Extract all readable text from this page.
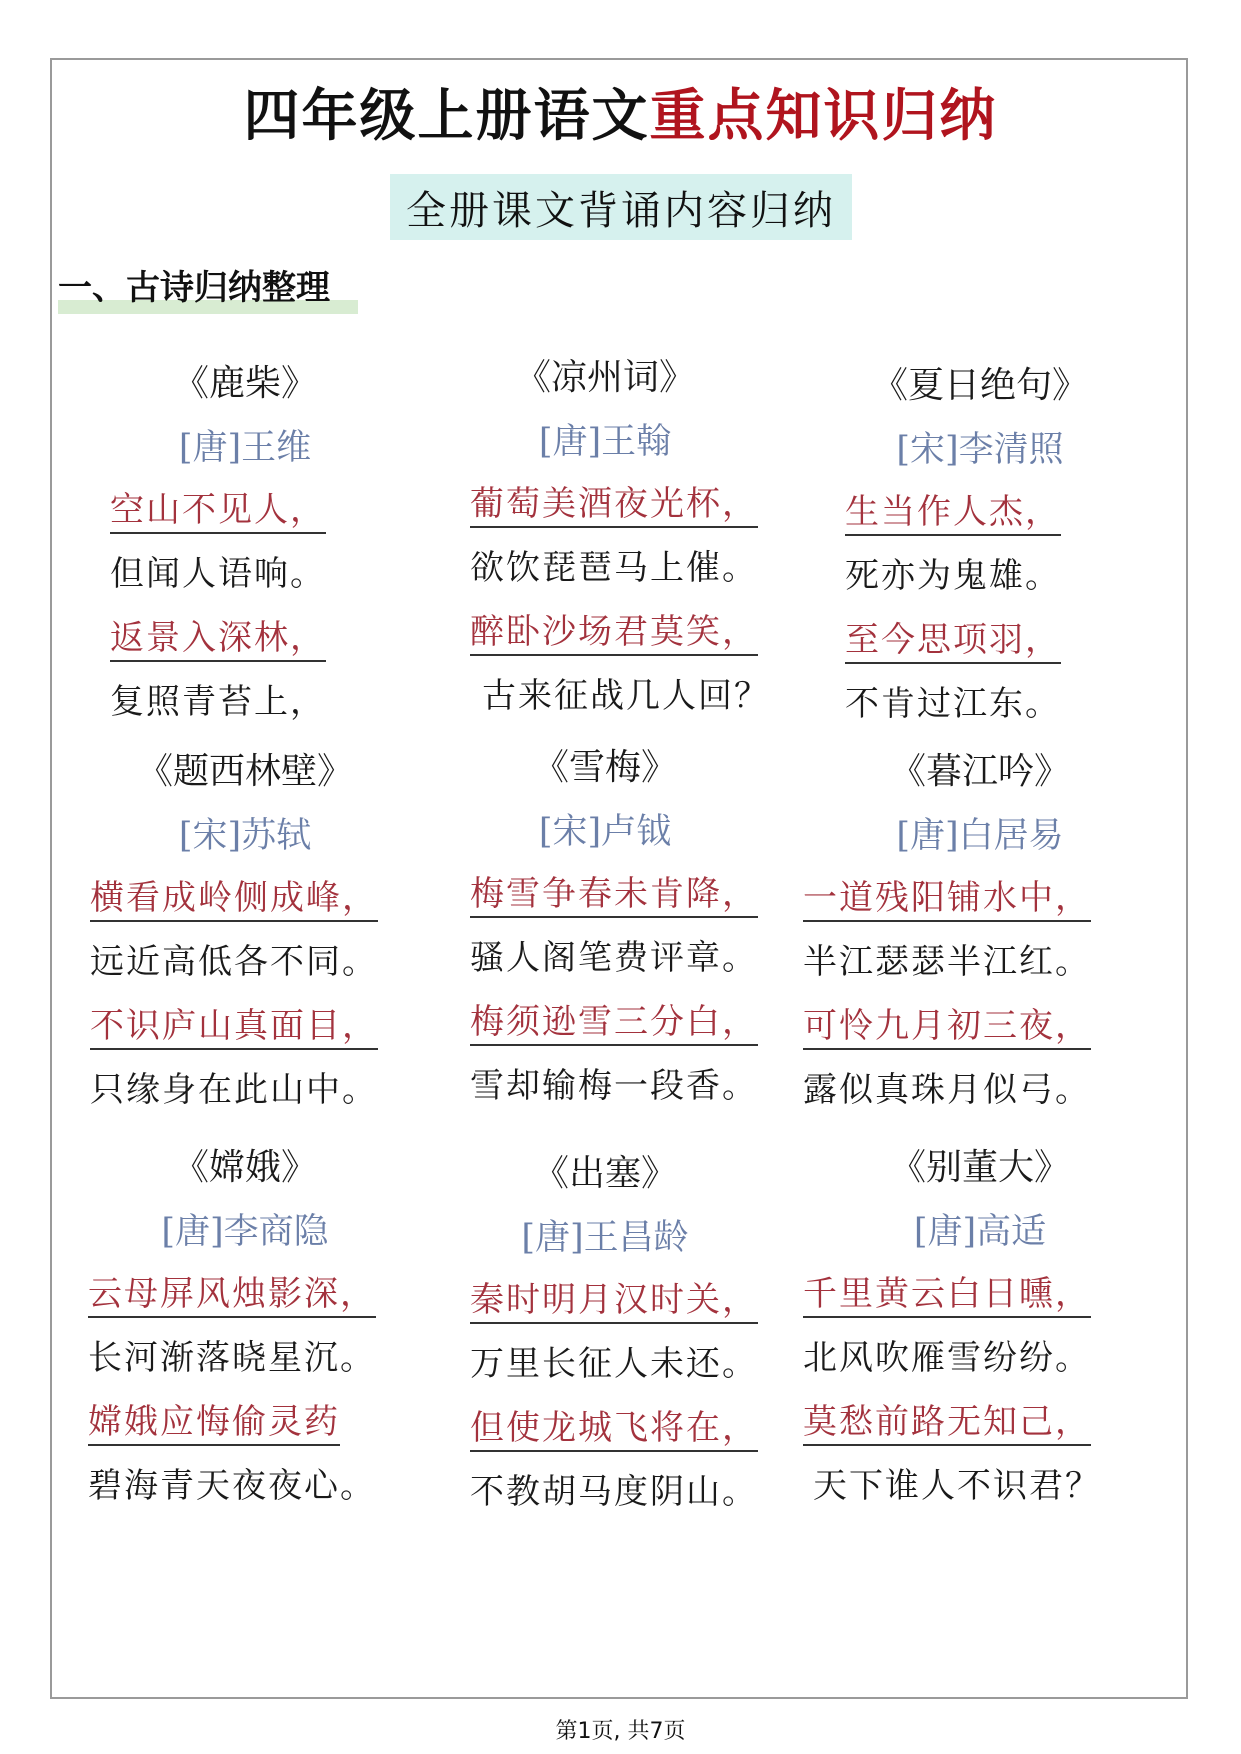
四年级上册语文重点知识归纳
全册课文背诵内容归纳
一、古诗归纳整理
《鹿柴》
[唐]王维
空山不见人，
但闻人语响。
返景入深林，
复照青苔上，
《凉州词》
[唐]王翰
葡萄美酒夜光杯，
欲饮琵琶马上催。
醉卧沙场君莫笑，
古来征战几人回？
《夏日绝句》
[宋]李清照
生当作人杰，
死亦为鬼雄。
至今思项羽，
不肯过江东。
《题西林壁》
[宋]苏轼
横看成岭侧成峰，
远近高低各不同。
不识庐山真面目，
只缘身在此山中。
《雪梅》
[宋]卢钺
梅雪争春未肯降，
骚人阁笔费评章。
梅须逊雪三分白，
雪却输梅一段香。
《暮江吟》
[唐]白居易
一道残阳铺水中，
半江瑟瑟半江红。
可怜九月初三夜，
露似真珠月似弓。
《嫦娥》
[唐]李商隐
云母屏风烛影深，
长河渐落晓星沉。
嫦娥应悔偷灵药
碧海青天夜夜心。
《出塞》
[唐]王昌龄
秦时明月汉时关，
万里长征人未还。
但使龙城飞将在，
不教胡马度阴山。
《别董大》
[唐]高适
千里黄云白日曛，
北风吹雁雪纷纷。
莫愁前路无知己，
天下谁人不识君？
第1页, 共7页
